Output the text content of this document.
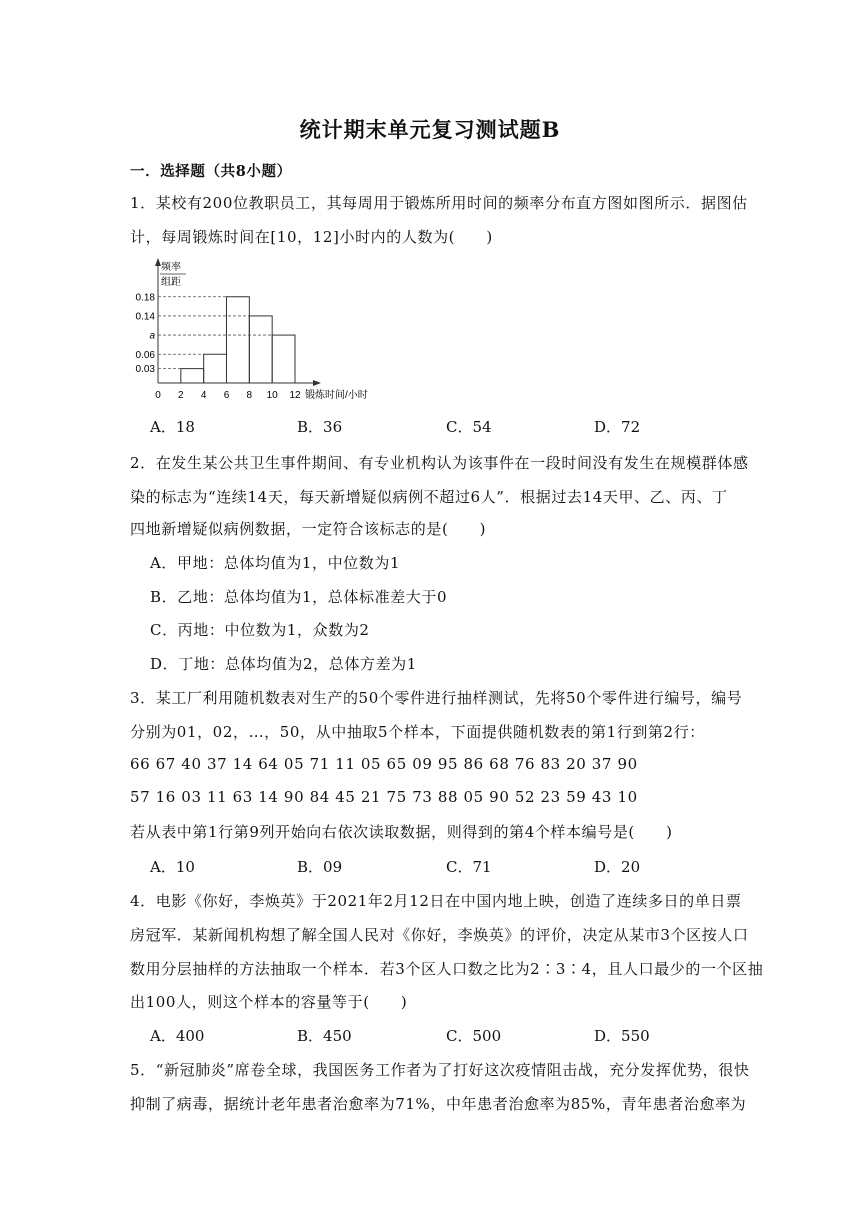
统计期末单元复习测试题B
一．选择题（共8小题）
1．某校有200位教职员工，其每周用于锻炼所用时间的频率分布直方图如图所示．据图估
计，每周锻炼时间在[10，12]小时内的人数为(　　)
频率
组距
0.03
0.06
a
0.14
0.18
0 2 4 6 8 10 12 锻炼时间/小时
A．18	B．36	C．54	D．72
2．在发生某公共卫生事件期间、有专业机构认为该事件在一段时间没有发生在规模群体感
染的标志为“连续14天，每天新增疑似病例不超过6人”．根据过去14天甲、乙、丙、丁
四地新增疑似病例数据，一定符合该标志的是(　　)
A．甲地：总体均值为1，中位数为1
B．乙地：总体均值为1，总体标准差大于0
C．丙地：中位数为1，众数为2
D．丁地：总体均值为2，总体方差为1
3．某工厂利用随机数表对生产的50个零件进行抽样测试，先将50个零件进行编号，编号
分别为01，02，…，50，从中抽取5个样本，下面提供随机数表的第1行到第2行：
66 67 40 37 14 64 05 71 11 05 65 09 95 86 68 76 83 20 37 90
57 16 03 11 63 14 90 84 45 21 75 73 88 05 90 52 23 59 43 10
若从表中第1行第9列开始向右依次读取数据，则得到的第4个样本编号是(　　)
A．10	B．09	C．71	D．20
4．电影《你好，李焕英》于2021年2月12日在中国内地上映，创造了连续多日的单日票
房冠军．某新闻机构想了解全国人民对《你好，李焕英》的评价，决定从某市3个区按人口
数用分层抽样的方法抽取一个样本．若3个区人口数之比为2∶3∶4，且人口最少的一个区抽
出100人，则这个样本的容量等于(　　)
A．400	B．450	C．500	D．550
5．“新冠肺炎”席卷全球，我国医务工作者为了打好这次疫情阻击战，充分发挥优势，很快
抑制了病毒，据统计老年患者治愈率为71%，中年患者治愈率为85%，青年患者治愈率为
